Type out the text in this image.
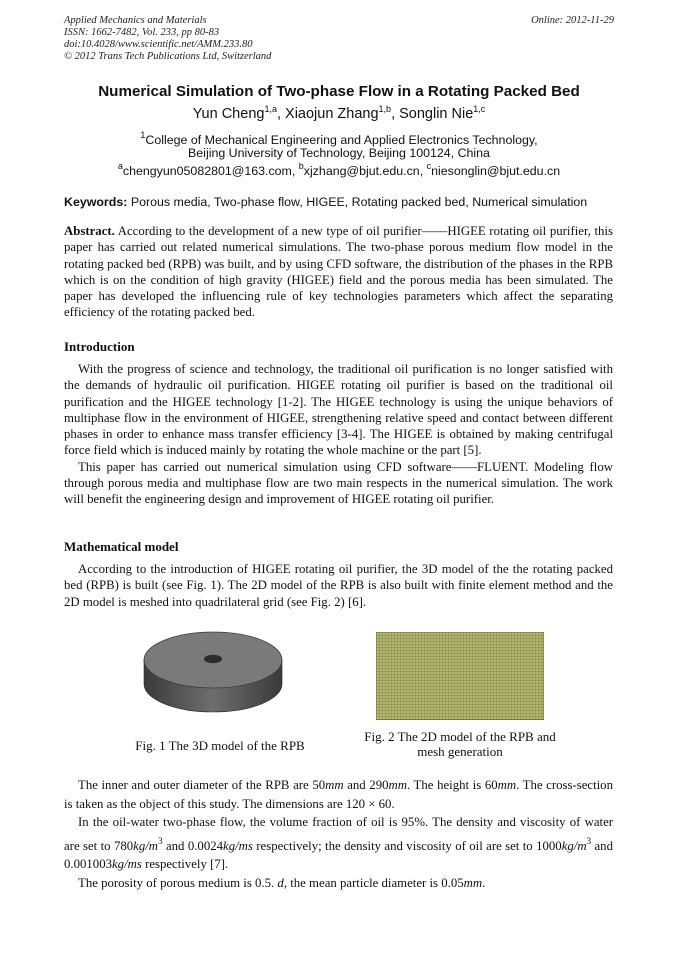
Applied Mechanics and Materials	Online: 2012-11-29
ISSN: 1662-7482, Vol. 233, pp 80-83
doi:10.4028/www.scientific.net/AMM.233.80
© 2012 Trans Tech Publications Ltd, Switzerland
Numerical Simulation of Two-phase Flow in a Rotating Packed Bed
Yun Cheng$^{1,a}$, Xiaojun Zhang$^{1,b}$, Songlin Nie$^{1,c}$
$^1$College of Mechanical Engineering and Applied Electronics Technology,
Beijing University of Technology, Beijing 100124, China
$^a$chengyun05082801@163.com, $^b$xjzhang@bjut.edu.cn, $^c$niesonglin@bjut.edu.cn
Keywords: Porous media, Two-phase flow, HIGEE, Rotating packed bed, Numerical simulation

Abstract. According to the development of a new type of oil purifier——HIGEE rotating oil purifier, this paper has carried out related numerical simulations. The two-phase porous medium flow model in the rotating packed bed (RPB) was built, and by using CFD software, the distribution of the phases in the RPB which is on the condition of high gravity (HIGEE) field and the porous media has been simulated. The paper has developed the influencing rule of key technologies parameters which affect the separating efficiency of the rotating packed bed.

Introduction

With the progress of science and technology, the traditional oil purification is no longer satisfied with the demands of hydraulic oil purification. HIGEE rotating oil purifier is based on the traditional oil purification and the HIGEE technology [1-2]. The HIGEE technology is using the unique behaviors of multiphase flow in the environment of HIGEE, strengthening relative speed and contact between different phases in order to enhance mass transfer efficiency [3-4]. The HIGEE is obtained by making centrifugal force field which is induced mainly by rotating the whole machine or the part [5].

This paper has carried out numerical simulation using CFD software——FLUENT. Modeling flow through porous media and multiphase flow are two main respects in the numerical simulation. The work will benefit the engineering design and improvement of HIGEE rotating oil purifier.

Mathematical model

According to the introduction of HIGEE rotating oil purifier, the 3D model of the the rotating packed bed (RPB) is built (see Fig. 1). The 2D model of the RPB is also built with finite element method and the 2D model is meshed into quadrilateral grid (see Fig. 2) [6].

Fig. 1 The 3D model of the RPB
Fig. 2 The 2D model of the RPB and
mesh generation

The inner and outer diameter of the RPB are 50mm and 290mm. The height is 60mm. The cross-section is taken as the object of this study. The dimensions are 120 × 60.

In the oil-water two-phase flow, the volume fraction of oil is 95%. The density and viscosity of water are set to $780kg/m^3$ and 0.0024kg/ms respectively; the density and viscosity of oil are set to $1000kg/m^3$ and 0.001003kg/ms respectively [7].

The porosity of porous medium is 0.5. d, the mean particle diameter is 0.05mm.
